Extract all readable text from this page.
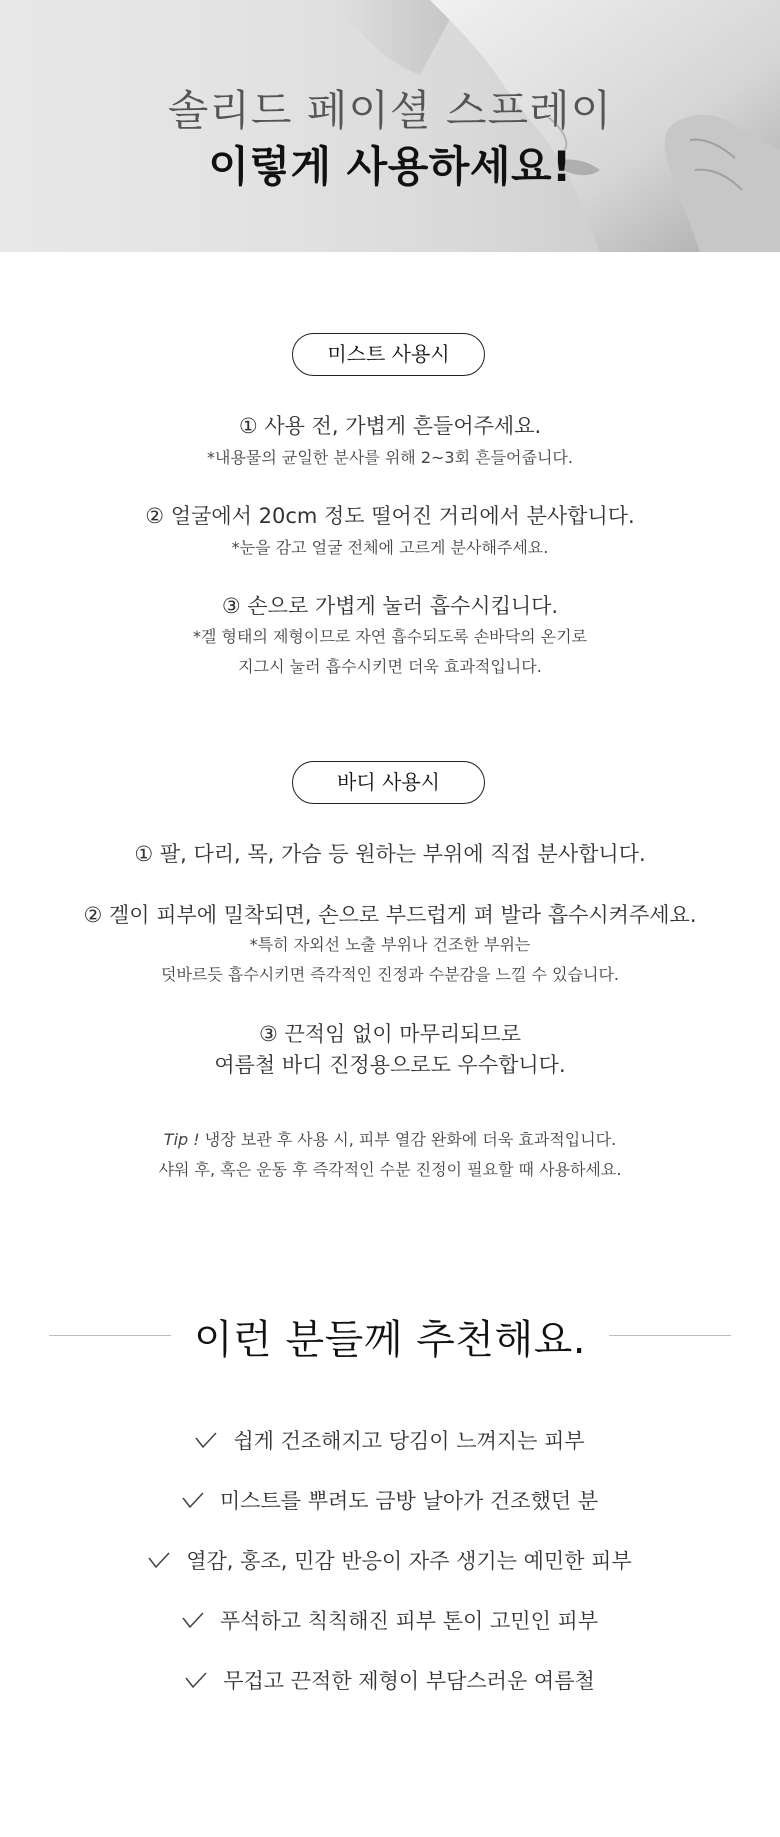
솔리드 페이셜 스프레이
이렇게 사용하세요!
미스트 사용시
① 사용 전, 가볍게 흔들어주세요.
*내용물의 균일한 분사를 위해 2~3회 흔들어줍니다.
② 얼굴에서 20cm 정도 떨어진 거리에서 분사합니다.
*눈을 감고 얼굴 전체에 고르게 분사해주세요.
③ 손으로 가볍게 눌러 흡수시킵니다.
*겔 형태의 제형이므로 자연 흡수되도록 손바닥의 온기로
지그시 눌러 흡수시키면 더욱 효과적입니다.
바디 사용시
① 팔, 다리, 목, 가슴 등 원하는 부위에 직접 분사합니다.
② 겔이 피부에 밀착되면, 손으로 부드럽게 펴 발라 흡수시켜주세요.
*특히 자외선 노출 부위나 건조한 부위는
덧바르듯 흡수시키면 즉각적인 진정과 수분감을 느낄 수 있습니다.
③ 끈적임 없이 마무리되므로
여름철 바디 진정용으로도 우수합니다.
Tip ! 냉장 보관 후 사용 시, 피부 열감 완화에 더욱 효과적입니다.
샤워 후, 혹은 운동 후 즉각적인 수분 진정이 필요할 때 사용하세요.
이런 분들께 추천해요.
쉽게 건조해지고 당김이 느껴지는 피부
미스트를 뿌려도 금방 날아가 건조했던 분
열감, 홍조, 민감 반응이 자주 생기는 예민한 피부
푸석하고 칙칙해진 피부 톤이 고민인 피부
무겁고 끈적한 제형이 부담스러운 여름철
